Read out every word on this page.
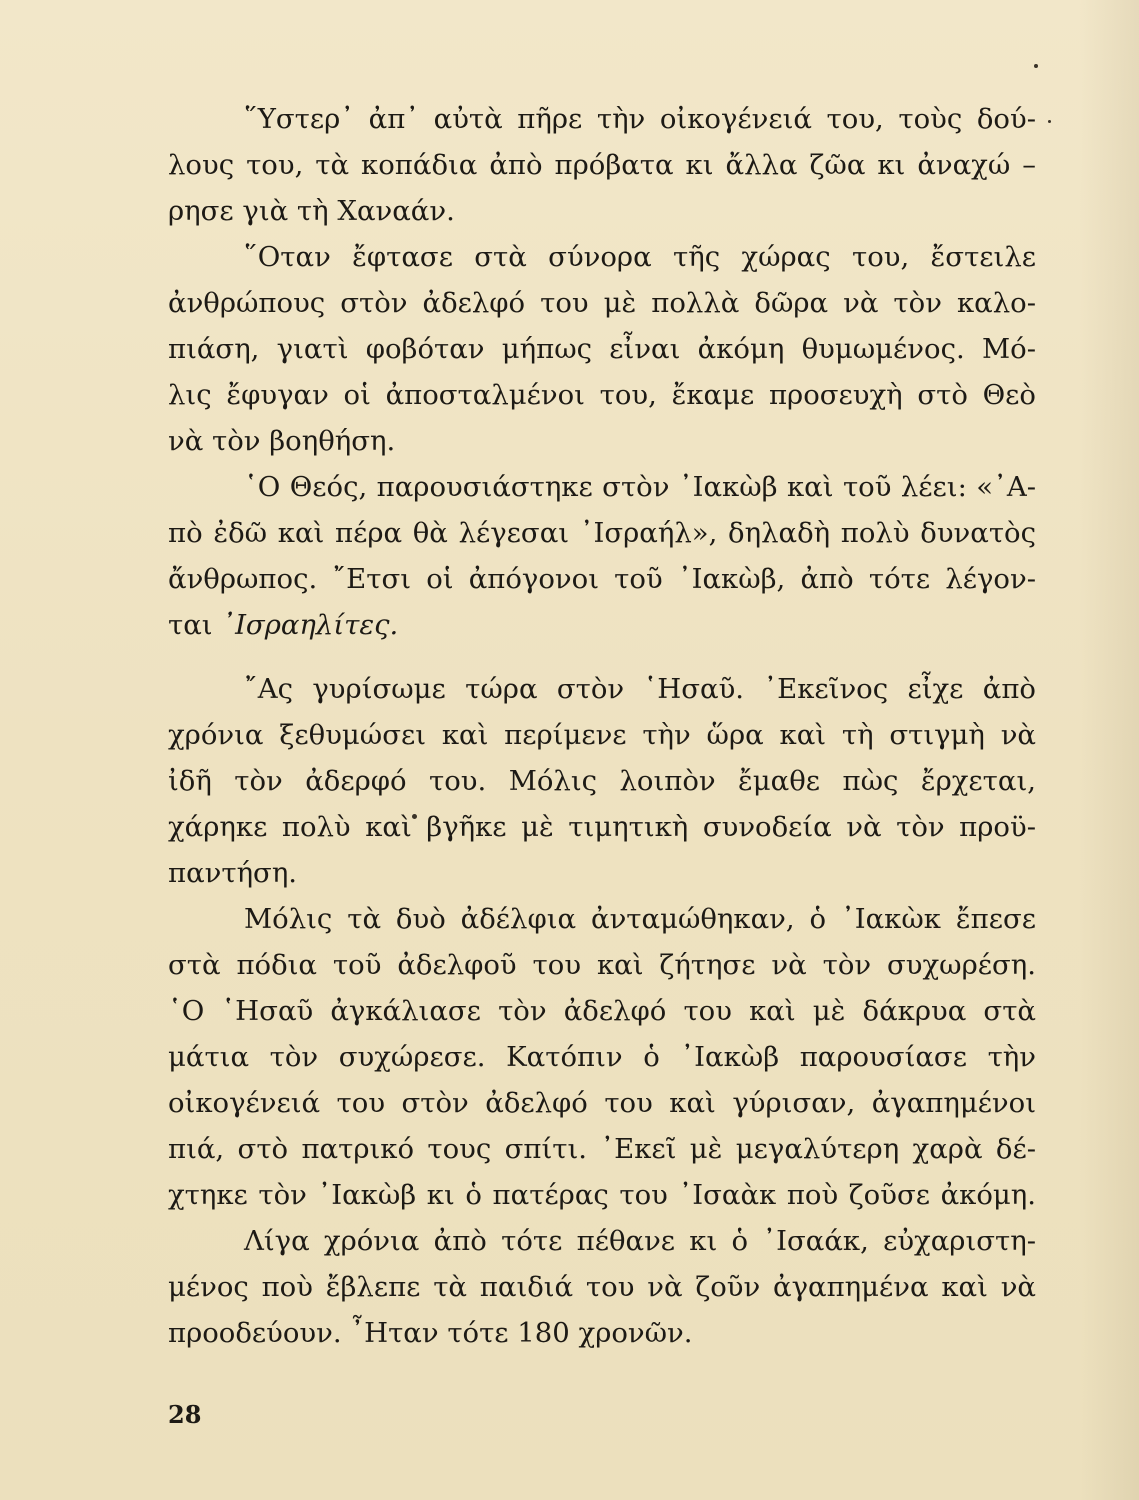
῞Υστερ᾽ ἀπ᾽ αὐτὰ πῆρε τὴν οἰκογένειά του, τοὺς δού-
λους του, τὰ κοπάδια ἀπὸ πρόβατα κι ἄλλα ζῶα κι ἀναχώ –
ρησε γιὰ τὴ Χαναάν.
῞Οταν ἔφτασε στὰ σύνορα τῆς χώρας του, ἔστειλε
ἀνθρώπους στὸν ἀδελφό του μὲ πολλὰ δῶρα νὰ τὸν καλο-
πιάση, γιατὶ φοβόταν μήπως εἶναι ἀκόμη θυμωμένος. Μό-
λις ἔφυγαν οἱ ἀποσταλμένοι του, ἔκαμε προσευχὴ στὸ Θεὸ
νὰ τὸν βοηθήση.
῾Ο Θεός, παρουσιάστηκε στὸν ᾿Ιακὼβ καὶ τοῦ λέει: «᾿Α-
πὸ ἐδῶ καὶ πέρα θὰ λέγεσαι ᾿Ισραήλ», δηλαδὴ πολὺ δυνατὸς
ἄνθρωπος. ῎Ετσι οἱ ἀπόγονοι τοῦ ᾿Ιακὼβ, ἀπὸ τότε λέγον-
ται ᾿Ισραηλίτες.
῎Ας γυρίσωμε τώρα στὸν ῾Ησαῦ. ᾿Εκεῖνος εἶχε ἀπὸ
χρόνια ξεθυμώσει καὶ περίμενε τὴν ὥρα καὶ τὴ στιγμὴ νὰ
ἰδῆ τὸν ἀδερφό του. Μόλις λοιπὸν ἔμαθε πὼς ἔρχεται,
χάρηκε πολὺ καὶ βγῆκε μὲ τιμητικὴ συνοδεία νὰ τὸν προϋ-
παντήση.
Μόλις τὰ δυὸ ἀδέλφια ἀνταμώθηκαν, ὁ ᾿Ιακὼκ ἔπεσε
στὰ πόδια τοῦ ἀδελφοῦ του καὶ ζήτησε νὰ τὸν συχωρέση.
῾Ο ῾Ησαῦ ἀγκάλιασε τὸν ἀδελφό του καὶ μὲ δάκρυα στὰ
μάτια τὸν συχώρεσε. Κατόπιν ὁ ᾿Ιακὼβ παρουσίασε τὴν
οἰκογένειά του στὸν ἀδελφό του καὶ γύρισαν, ἀγαπημένοι
πιά, στὸ πατρικό τους σπίτι. ᾿Εκεῖ μὲ μεγαλύτερη χαρὰ δέ-
χτηκε τὸν ᾿Ιακὼβ κι ὁ πατέρας του ᾿Ισαὰκ ποὺ ζοῦσε ἀκόμη.
Λίγα χρόνια ἀπὸ τότε πέθανε κι ὁ ᾿Ισαάκ, εὐχαριστη-
μένος ποὺ ἔβλεπε τὰ παιδιά του νὰ ζοῦν ἀγαπημένα καὶ νὰ
προοδεύουν. ῏Ηταν τότε 180 χρονῶν.
28
